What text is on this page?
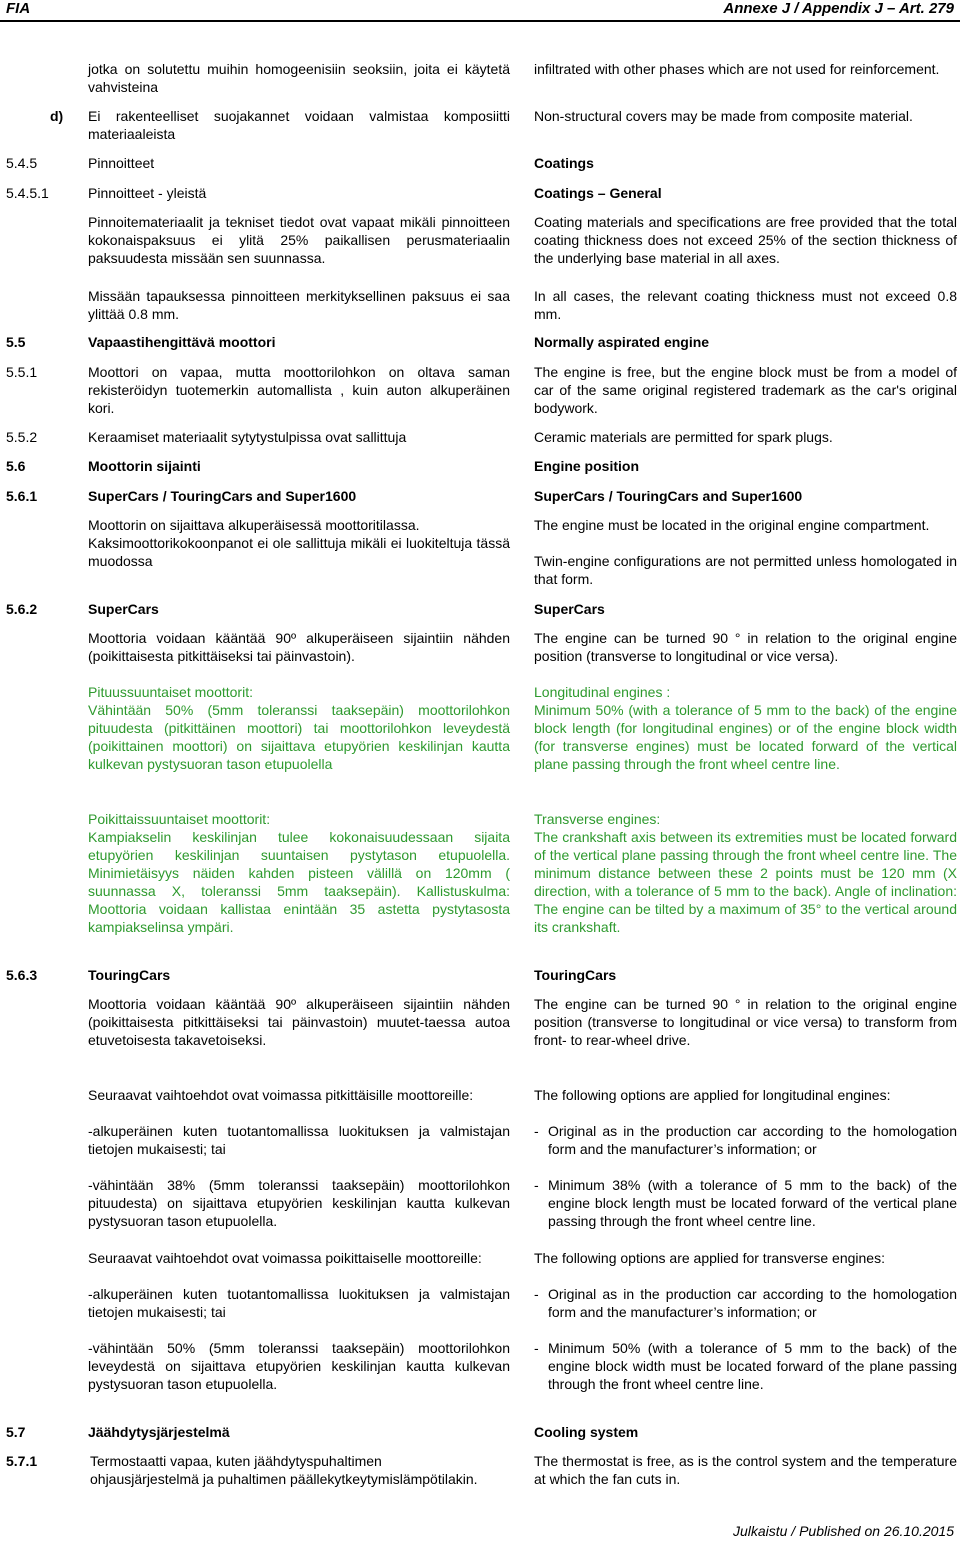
FIA	Annexe J / Appendix J – Art. 279

jotka on solutettu muihin homogeenisiin seoksiin, joita ei käytetä vahvisteina

infiltrated with other phases which are not used for reinforcement.

d) Ei rakenteelliset suojakannet voidaan valmistaa komposiitti materiaaleista

Non-structural covers may be made from composite material.

5.4.5	Pinnoitteet	Coatings

5.4.5.1	Pinnoitteet - yleistä	Coatings – General

Pinnoitemateriaalit ja tekniset tiedot ovat vapaat mikäli pinnoitteen kokonaispaksuus ei ylitä 25% paikallisen perusmateriaalin paksuudesta missään sen suunnassa.

Coating materials and specifications are free provided that the total coating thickness does not exceed 25% of the section thickness of the underlying base material in all axes.

Missään tapauksessa pinnoitteen merkityksellinen paksuus ei saa ylittää 0.8 mm.

In all cases, the relevant coating thickness must not exceed 0.8 mm.

5.5	Vapaastihengittävä moottori	Normally aspirated engine

5.5.1	Moottori on vapaa, mutta moottorilohkon on oltava saman rekisteröidyn tuotemerkin automallista , kuin auton alkuperäinen kori.

The engine is free, but the engine block must be from a model of car of the same original registered trademark as the car's original bodywork.

5.5.2	Keraamiset materiaalit sytytystulpissa ovat sallittuja	Ceramic materials are permitted for spark plugs.

5.6	Moottorin sijainti	Engine position

5.6.1	SuperCars / TouringCars and Super1600	SuperCars / TouringCars and Super1600

Moottorin on sijaittava alkuperäisessä moottoritilassa.

Kaksimoottorikokoonpanot ei ole sallittuja mikäli ei luokiteltuja tässä muodossa

The engine must be located in the original engine compartment.

Twin-engine configurations are not permitted unless homologated in that form.

5.6.2	SuperCars	SuperCars

Moottoria voidaan kääntää 90º alkuperäiseen sijaintiin nähden (poikittaisesta pitkittäiseksi tai päinvastoin).

The engine can be turned 90 ° in relation to the original engine position (transverse to longitudinal or vice versa).

Pituussuuntaiset moottorit:

Vähintään 50% (5mm toleranssi taaksepäin) moottorilohkon pituudesta (pitkittäinen moottori) tai moottorilohkon leveydestä (poikittainen moottori) on sijaittava etupyörien keskilinjan kautta kulkevan pystysuoran tason etupuolella

Longitudinal engines :

Minimum 50% (with a tolerance of 5 mm to the back) of the engine block length (for longitudinal engines) or of the engine block width (for transverse engines) must be located forward of the vertical plane passing through the front wheel centre line.

Poikittaissuuntaiset moottorit:

Kampiakselin keskilinjan tulee kokonaisuudessaan sijaita etupyörien keskilinjan suuntaisen pystytason etupuolella. Minimietäisyys näiden kahden pisteen välillä on 120mm ( suunnassa X, toleranssi 5mm taaksepäin). Kallistuskulma: Moottoria voidaan kallistaa enintään 35 astetta pystytasosta kampiakselinsa ympäri.

Transverse engines:

The crankshaft axis between its extremities must be located forward of the vertical plane passing through the front wheel centre line. The minimum distance between these 2 points must be 120 mm (X direction, with a tolerance of 5 mm to the back). Angle of inclination: The engine can be tilted by a maximum of 35° to the vertical around its crankshaft.

5.6.3	TouringCars	TouringCars

Moottoria voidaan kääntää 90º alkuperäiseen sijaintiin nähden (poikittaisesta pitkittäiseksi tai päinvastoin) muutet-taessa autoa etuvetoisesta takavetoiseksi.

The engine can be turned 90 ° in relation to the original engine position (transverse to longitudinal or vice versa) to transform from front- to rear-wheel drive.

Seuraavat vaihtoehdot ovat voimassa pitkittäisille moottoreille:

-alkuperäinen kuten tuotantomallissa luokituksen ja valmistajan tietojen mukaisesti; tai

-vähintään 38% (5mm toleranssi taaksepäin) moottorilohkon pituudesta) on sijaittava etupyörien keskilinjan kautta kulkevan pystysuoran tason etupuolella.

The following options are applied for longitudinal engines:

- Original as in the production car according to the homologation form and the manufacturer’s information; or
- Minimum 38% (with a tolerance of 5 mm to the back) of the engine block length must be located forward of the vertical plane passing through the front wheel centre line.

Seuraavat vaihtoehdot ovat voimassa poikittaiselle moottoreille:

-alkuperäinen kuten tuotantomallissa luokituksen ja valmistajan tietojen mukaisesti; tai

-vähintään 50% (5mm toleranssi taaksepäin) moottorilohkon leveydestä on sijaittava etupyörien keskilinjan kautta kulkevan pystysuoran tason etupuolella.

The following options are applied for transverse engines:

- Original as in the production car according to the homologation form and the manufacturer’s information; or
- Minimum 50% (with a tolerance of 5 mm to the back) of the engine block width must be located forward of the plane passing through the front wheel centre line.

5.7	Jäähdytysjärjestelmä	Cooling system

5.7.1	Termostaatti vapaa, kuten jäähdytyspuhaltimen ohjausjärjestelmä ja puhaltimen päällekytkeytymislämpötilakin.

The thermostat is free, as is the control system and the temperature at which the fan cuts in.

Julkaistu / Published on 26.10.2015
